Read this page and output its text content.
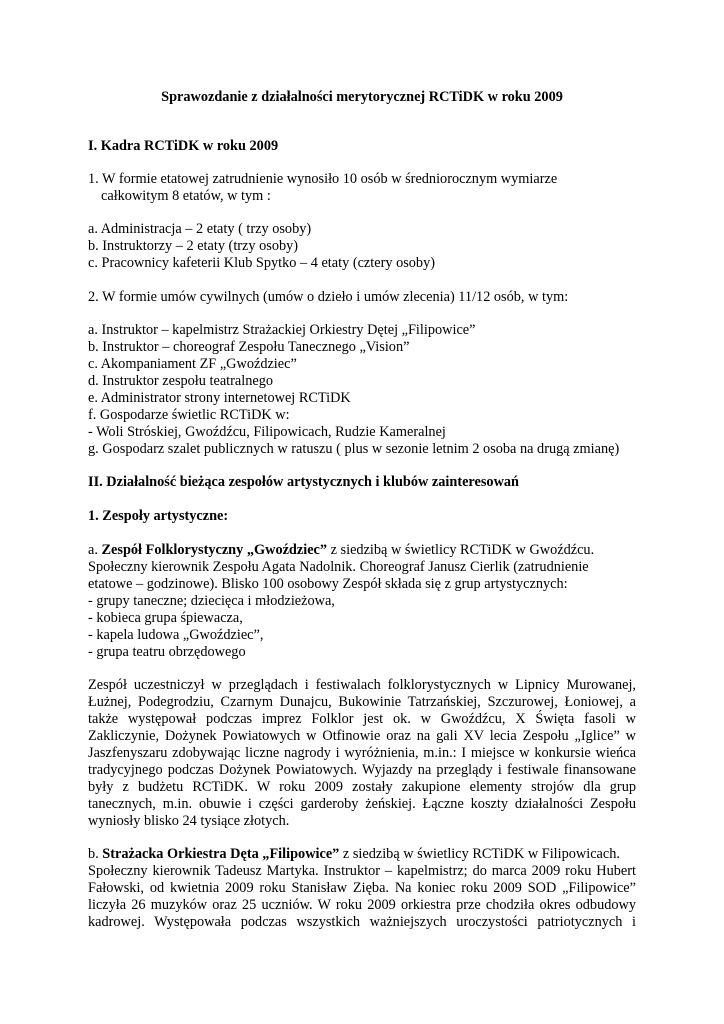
Sprawozdanie z działalności merytorycznej RCTiDK w roku 2009
I. Kadra RCTiDK w roku 2009
1. W formie etatowej zatrudnienie wynosiło 10 osób w średniorocznym wymiarze
całkowitym 8 etatów, w tym :
a. Administracja – 2 etaty ( trzy osoby)
b. Instruktorzy – 2 etaty (trzy osoby)
c. Pracownicy kafeterii Klub Spytko – 4 etaty (cztery osoby)
2. W formie umów cywilnych (umów o dzieło i umów zlecenia) 11/12 osób, w tym:
a. Instruktor – kapelmistrz Strażackiej Orkiestry Dętej „Filipowice”
b. Instruktor – choreograf Zespołu Tanecznego „Vision”
c. Akompaniament ZF „Gwoździec”
d. Instruktor zespołu teatralnego
e. Administrator strony internetowej RCTiDK
f. Gospodarze świetlic RCTiDK w:
- Woli Stróskiej, Gwoźdźcu, Filipowicach, Rudzie Kameralnej
g. Gospodarz szalet publicznych w ratuszu ( plus w sezonie letnim 2 osoba na drugą zmianę)
II. Działalność bieżąca zespołów artystycznych i klubów zainteresowań
1. Zespoły artystyczne:
a. Zespół Folklorystyczny „Gwoździec” z siedzibą w świetlicy RCTiDK w Gwoźdźcu.
Społeczny kierownik Zespołu Agata Nadolnik. Choreograf Janusz Cierlik (zatrudnienie
etatowe – godzinowe). Blisko 100 osobowy Zespół składa się z grup artystycznych:
- grupy taneczne; dziecięca i młodzieżowa,
- kobieca grupa śpiewacza,
- kapela ludowa „Gwoździec”,
- grupa teatru obrzędowego
Zespół uczestniczył w przeglądach i festiwalach folklorystycznych w Lipnicy Murowanej,
Łużnej, Podegrodziu, Czarnym Dunajcu, Bukowinie Tatrzańskiej, Szczurowej, Łoniowej, a
także występował podczas imprez Folklor jest ok. w Gwoźdźcu, X Święta fasoli w
Zakliczynie, Dożynek Powiatowych w Otfinowie oraz na gali XV lecia Zespołu „Iglice” w
Jaszfenyszaru zdobywając liczne nagrody i wyróżnienia, m.in.: I miejsce w konkursie wieńca
tradycyjnego podczas Dożynek Powiatowych. Wyjazdy na przeglądy i festiwale finansowane
były z budżetu RCTiDK. W roku 2009 zostały zakupione elementy strojów dla grup
tanecznych, m.in. obuwie i części garderoby żeńskiej. Łączne koszty działalności Zespołu
wyniosły blisko 24 tysiące złotych.
b. Strażacka Orkiestra Dęta „Filipowice” z siedzibą w świetlicy RCTiDK w Filipowicach.
Społeczny kierownik Tadeusz Martyka. Instruktor – kapelmistrz; do marca 2009 roku Hubert
Fałowski, od kwietnia 2009 roku Stanisław Zięba. Na koniec roku 2009 SOD „Filipowice”
liczyła 26 muzyków oraz 25 uczniów. W roku 2009 orkiestra prze chodziła okres odbudowy
kadrowej. Występowała podczas wszystkich ważniejszych uroczystości patriotycznych i
